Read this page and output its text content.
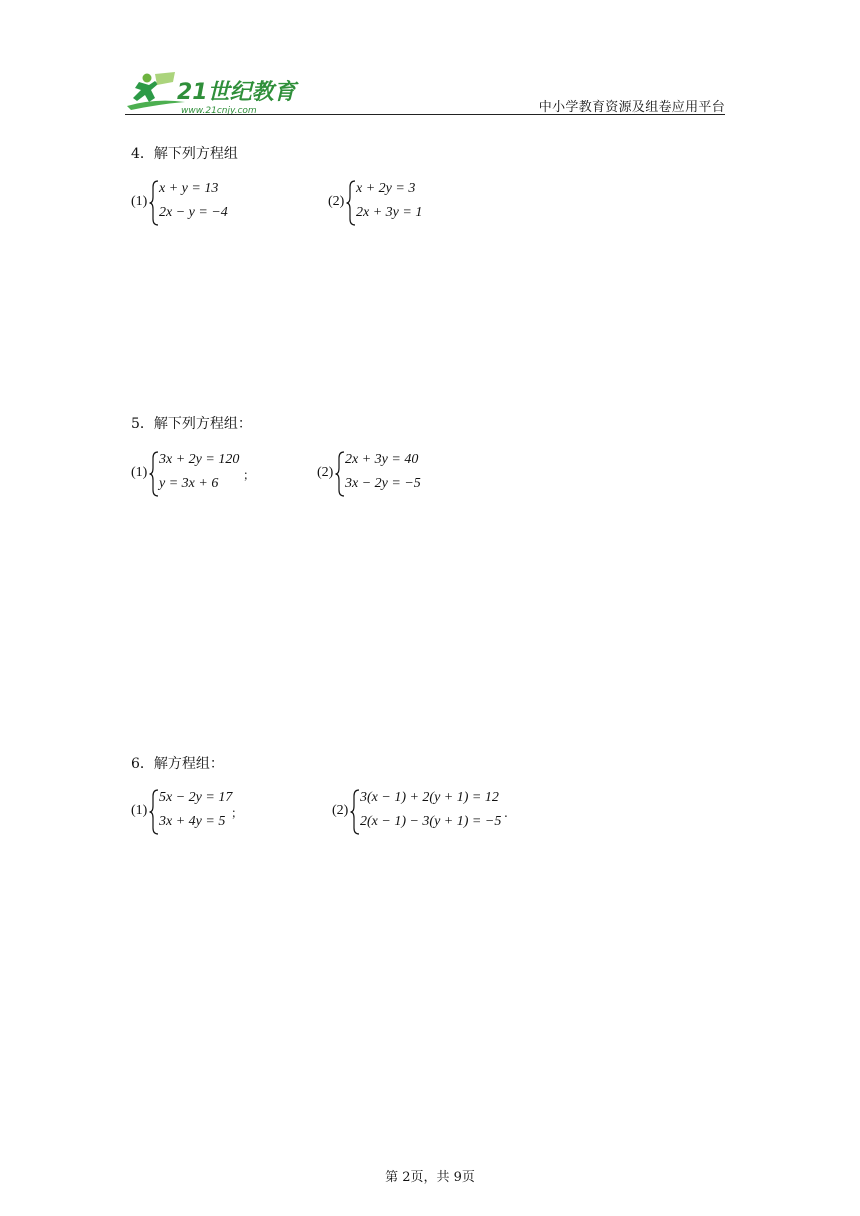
21世纪教育
www.21cnjy.com	中小学教育资源及组卷应用平台
4．解下列方程组
(1)
x + y = 13
2x − y = −4
(2)
x + 2y = 3
2x + 3y = 1
5．解下列方程组：
(1)
3x + 2y = 120
y = 3x + 6
；	(2)
2x + 3y = 40
3x − 2y = −5
6．解方程组：
(1)
5x − 2y = 17
3x + 4y = 5
；	(2)
3(x − 1) + 2(y + 1) = 12
2(x − 1) − 3(y + 1) = −5
.
第 2页，共 9页
